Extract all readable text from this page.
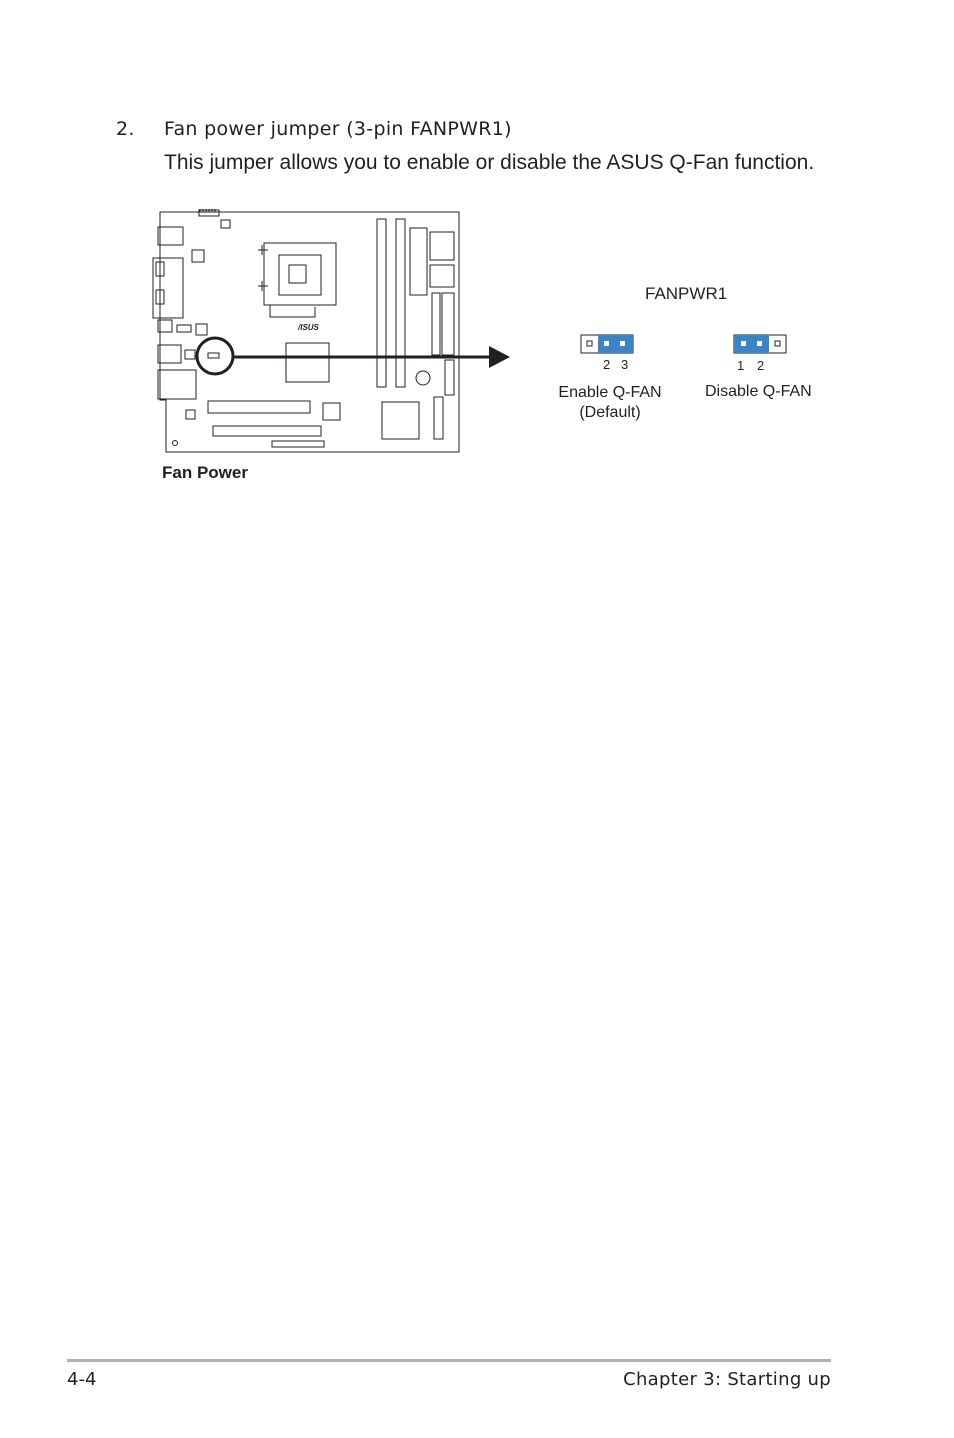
2. Fan power jumper (3-pin FANPWR1)
This jumper allows you to enable or disable the ASUS Q-Fan function.
/ISUS
Fan Power
FANPWR1
2 3	1 2
Enable Q-FAN
(Default)
Disable Q-FAN
4-4	Chapter 3: Starting up
